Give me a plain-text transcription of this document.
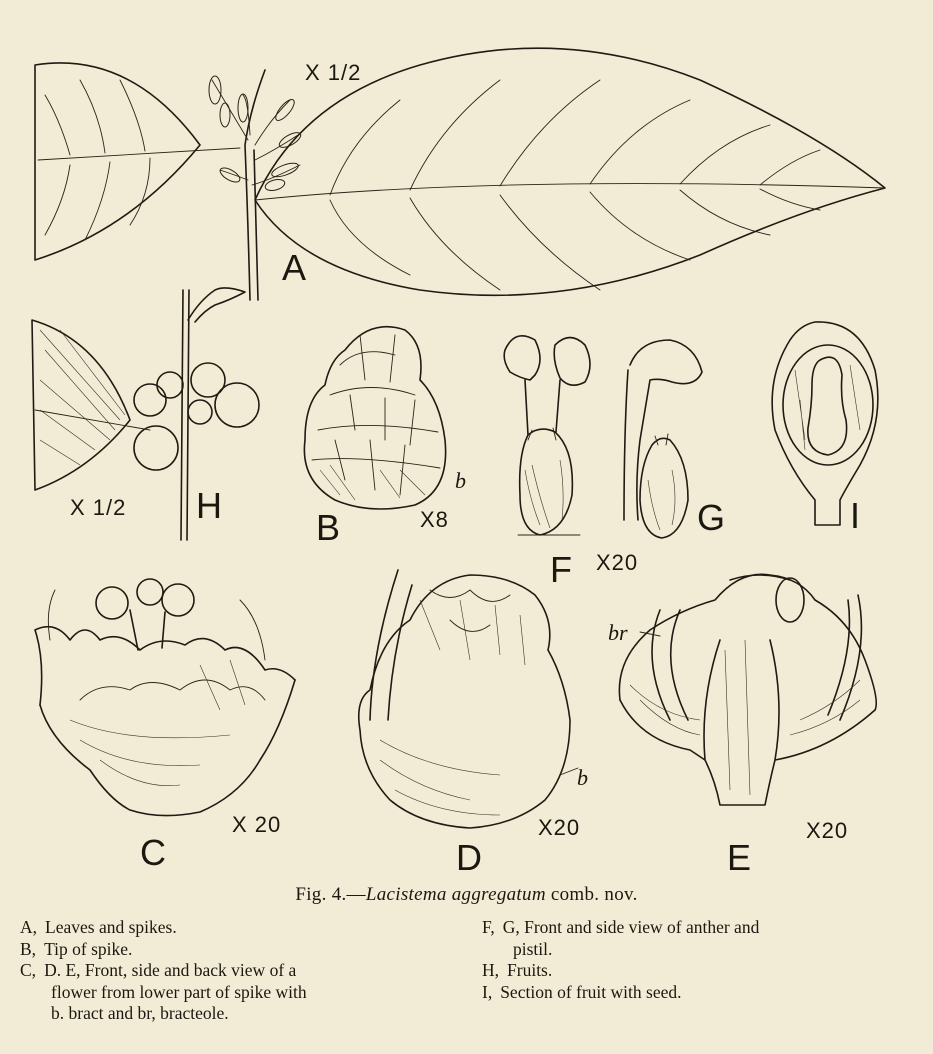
A
X 1/2
H
X 1/2
b
B	X8
F X20
G	I
C
X 20
b
D
X20
br
E
X20
Fig. 4.—Lacistema aggregatum comb. nov.
A, Leaves and spikes.
B, Tip of spike.
C, D. E, Front, side and back view of a
flower from lower part of spike with
b. bract and br, bracteole.
F, G, Front and side view of anther and
pistil.
H, Fruits.
I, Section of fruit with seed.
